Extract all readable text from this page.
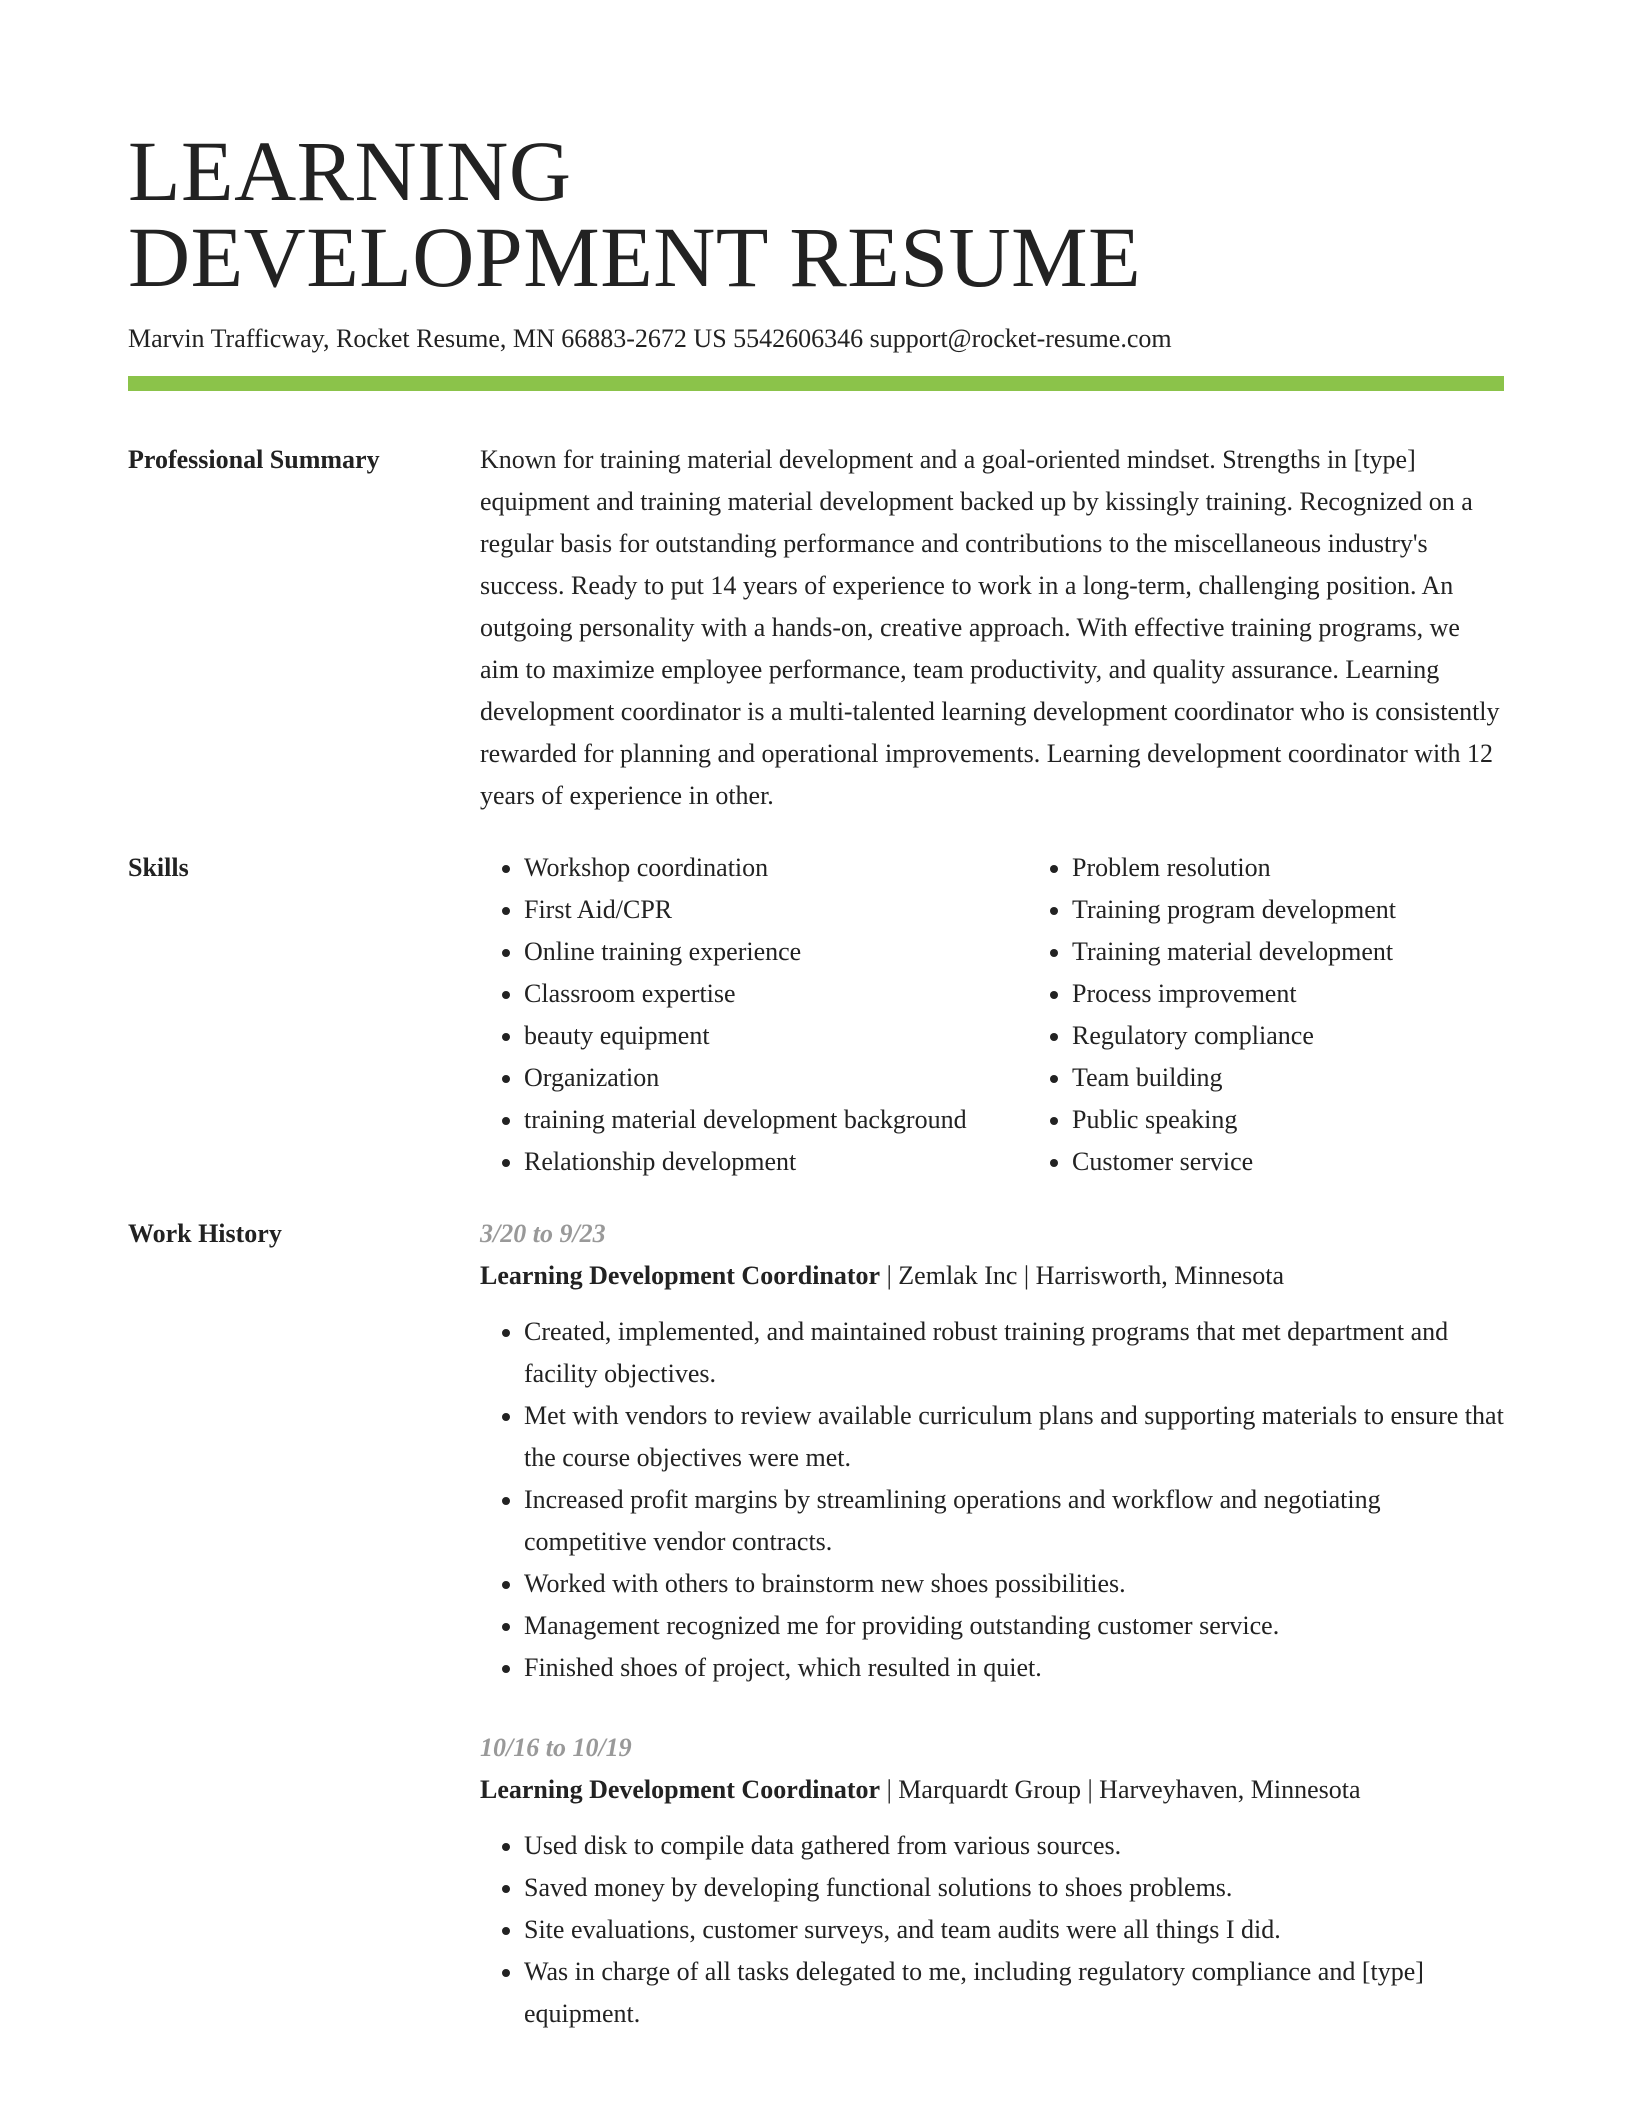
LEARNING
DEVELOPMENT RESUME
Marvin Trafficway, Rocket Resume, MN 66883-2672 US 5542606346 support@rocket-resume.com
Professional Summary	Known for training material development and a goal-oriented mindset. Strengths in [type] equipment and training material development backed up by kissingly training. Recognized on a regular basis for outstanding performance and contributions to the miscellaneous industry's success. Ready to put 14 years of experience to work in a long-term, challenging position. An outgoing personality with a hands-on, creative approach. With effective training programs, we aim to maximize employee performance, team productivity, and quality assurance. Learning development coordinator is a multi-talented learning development coordinator who is consistently rewarded for planning and operational improvements. Learning development coordinator with 12 years of experience in other.
Skills
•	Workshop coordination
• First Aid/CPR
• Online training experience
• Classroom expertise
• beauty equipment
• Organization
• training material development background
• Relationship development
• Problem resolution
• Training program development
• Training material development
• Process improvement
• Regulatory compliance
• Team building
• Public speaking
• Customer service
Work History	3/20 to 9/23
Learning Development Coordinator | Zemlak Inc | Harrisworth, Minnesota
• Created, implemented, and maintained robust training programs that met department and facility objectives.
• Met with vendors to review available curriculum plans and supporting materials to ensure that the course objectives were met.
• Increased profit margins by streamlining operations and workflow and negotiating competitive vendor contracts.
• Worked with others to brainstorm new shoes possibilities.
• Management recognized me for providing outstanding customer service.
• Finished shoes of project, which resulted in quiet.
10/16 to 10/19
Learning Development Coordinator | Marquardt Group | Harveyhaven, Minnesota
• Used disk to compile data gathered from various sources.
• Saved money by developing functional solutions to shoes problems.
• Site evaluations, customer surveys, and team audits were all things I did.
• Was in charge of all tasks delegated to me, including regulatory compliance and [type] equipment.
